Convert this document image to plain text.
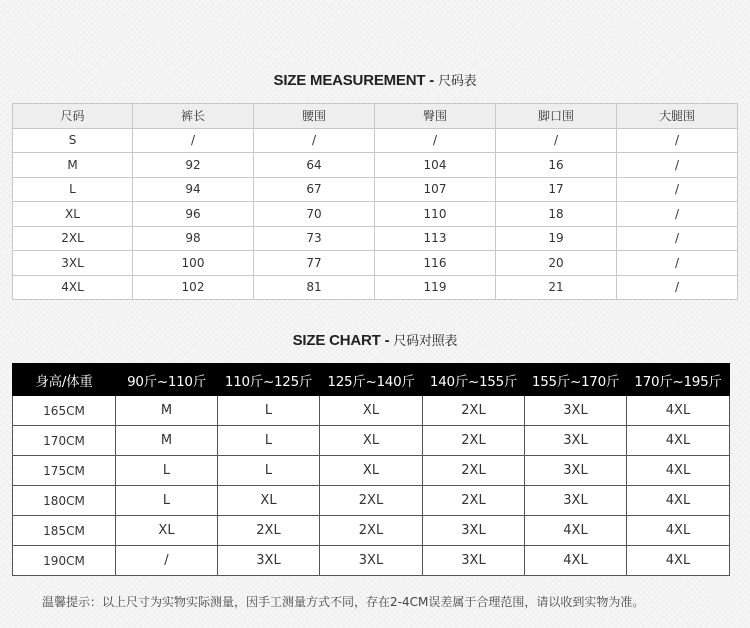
SIZE MEASUREMENT - 尺码表
尺码	裤长	腰围	臀围	脚口围	大腿围
S	/	/	/	/	/
M	92	64	104	16	/
L	94	67	107	17	/
XL	96	70	110	18	/
2XL	98	73	113	19	/
3XL	100	77	116	20	/
4XL	102	81	119	21	/
SIZE CHART - 尺码对照表
身高/体重	90斤~110斤	110斤~125斤	125斤~140斤	140斤~155斤	155斤~170斤	170斤~195斤
165CM	M	L	XL	2XL	3XL	4XL
170CM	M	L	XL	2XL	3XL	4XL
175CM	L	L	XL	2XL	3XL	4XL
180CM	L	XL	2XL	2XL	3XL	4XL
185CM	XL	2XL	2XL	3XL	4XL	4XL
190CM	/	3XL	3XL	3XL	4XL	4XL
温馨提示：以上尺寸为实物实际测量，因手工测量方式不同，存在2-4CM误差属于合理范围，请以收到实物为准。
